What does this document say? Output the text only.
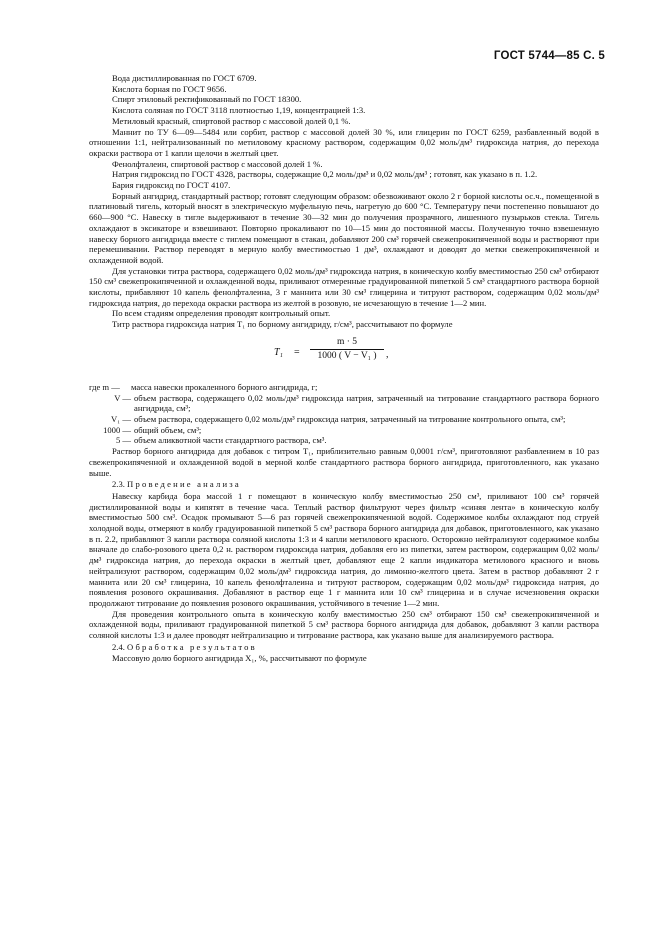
ГОСТ 5744—85 С. 5

Вода дистиллированная по ГОСТ 6709.

Кислота борная по ГОСТ 9656.

Спирт этиловый ректификованный по ГОСТ 18300.

Кислота соляная по ГОСТ 3118 плотностью 1,19, концентрацией 1:3.

Метиловый красный, спиртовой раствор с массовой долей 0,1 %.

Маннит по ТУ 6—09—5484 или сорбит, раствор с массовой долей 30 %, или глицерин по ГОСТ 6259, разбавленный водой в отношении 1:1, нейтрализованный по метиловому красному раствором, содержащим 0,02 моль/дм³ гидроксида натрия, до перехода окраски раствора от 1 капли щелочи в желтый цвет.

Фенолфталеин, спиртовой раствор с массовой долей 1 %.

Натрия гидроксид по ГОСТ 4328, растворы, содержащие 0,2 моль/дм³ и 0,02 моль/дм³ ; готовят, как указано в п. 1.2.

Бария гидроксид по ГОСТ 4107.

Борный ангидрид, стандартный раствор; готовят следующим образом: обезвоживают около 2 г борной кислоты ос.ч., помещенной в платиновый тигель, который вносят в электрическую муфельную печь, нагретую до 600 °С. Температуру печи постепенно повышают до 660—900 °С. Навеску в тигле выдерживают в течение 30—32 мин до получения прозрачного, лишенного пузырьков стекла. Тигель охлаждают в эксикаторе и взвешивают. Повторно прокаливают по 10—15 мин до постоянной массы. Полученную точно взвешенную навеску борного ангидрида вместе с тиглем помещают в стакан, добавляют 200 см³ горячей свежепрокипяченной воды и растворяют при перемешивании. Раствор переводят в мерную колбу вместимостью 1 дм³, охлаждают и доводят до метки свежепрокипяченной и охлажденной водой.

Для установки титра раствора, содержащего 0,02 моль/дм³ гидроксида натрия, в коническую колбу вместимостью 250 см³ отбирают 150 см³ свежепрокипяченной и охлажденной воды, приливают отмеренные градуированной пипеткой 5 см³ стандартного раствора борной кислоты, прибавляют 10 капель фенолфталеина, 3 г маннита или 30 см³ глицерина и титруют раствором, содержащим 0,02 моль/дм³ гидроксида натрия, до перехода окраски раствора из желтой в розовую, не исчезающую в течение 1—2 мин.

По всем стадиям определения проводят контрольный опыт.

Титр раствора гидроксида натрия T₁ по борному ангидриду, г/см³, рассчитывают по формуле

T₁ =
m · 5
1000 ( V − V₁ ) ,
где m —	масса навески прокаленного борного ангидрида, г;
V — объем раствора, содержащего 0,02 моль/дм³ гидроксида натрия, затраченный на титрование стандартного раствора борного ангидрида, см³;
V₁ — объем раствора, содержащего 0,02 моль/дм³ гидроксида натрия, затраченный на титрование контрольного опыта, см³;
1000 — общий объем, см³;
5 — объем аликвотной части стандартного раствора, см³.

Раствор борного ангидрида для добавок с титром T₁, приблизительно равным 0,0001 г/см³, приготовляют разбавлением в 10 раз свежепрокипяченной и охлажденной водой в мерной колбе стандартного раствора борного ангидрида, приготовленного, как указано выше.

2.3. Проведение анализа

Навеску карбида бора массой 1 г помещают в коническую колбу вместимостью 250 см³, приливают 100 см³ горячей дистиллированной воды и кипятят в течение часа. Теплый раствор фильтруют через фильтр «синяя лента» в коническую колбу вместимостью 500 см³. Осадок промывают 5—6 раз горячей свежепрокипяченной водой. Содержимое колбы охлаждают под струей холодной воды, отмеряют в колбу градуированной пипеткой 5 см³ раствора борного ангидрида для добавок, приготовленного, как указано в п. 2.2, прибавляют 3 капли раствора соляной кислоты 1:3 и 4 капли метилового красного. Осторожно нейтрализуют содержимое колбы вначале до слабо-розового цвета 0,2 н. раствором гидроксида натрия, добавляя его из пипетки, затем раствором, содержащим 0,02 моль/дм³ гидроксида натрия, до перехода окраски в желтый цвет, добавляют еще 2 капли индикатора метилового красного и вновь нейтрализуют раствором, содержащим 0,02 моль/дм³ гидроксида натрия, до лимонно-желтого цвета. Затем в раствор добавляют 2 г маннита или 20 см³ глицерина, 10 капель фенолфталеина и титруют раствором, содержащим 0,02 моль/дм³ гидроксида натрия, до появления розового окрашивания. Добавляют в раствор еще 1 г маннита или 10 см³ глицерина и в случае исчезновения окраски продолжают титрование до появления розового окрашивания, устойчивого в течение 1—2 мин.

Для проведения контрольного опыта в коническую колбу вместимостью 250 см³ отбирают 150 см³ свежепрокипяченной и охлажденной воды, приливают градуированной пипеткой 5 см³ раствора борного ангидрида для добавок, добавляют 3 капли раствора соляной кислоты 1:3 и далее проводят нейтрализацию и титрование раствора, как указано выше для анализируемого раствора.

2.4. Обработка результатов

Массовую долю борного ангидрида X₁, %, рассчитывают по формуле
